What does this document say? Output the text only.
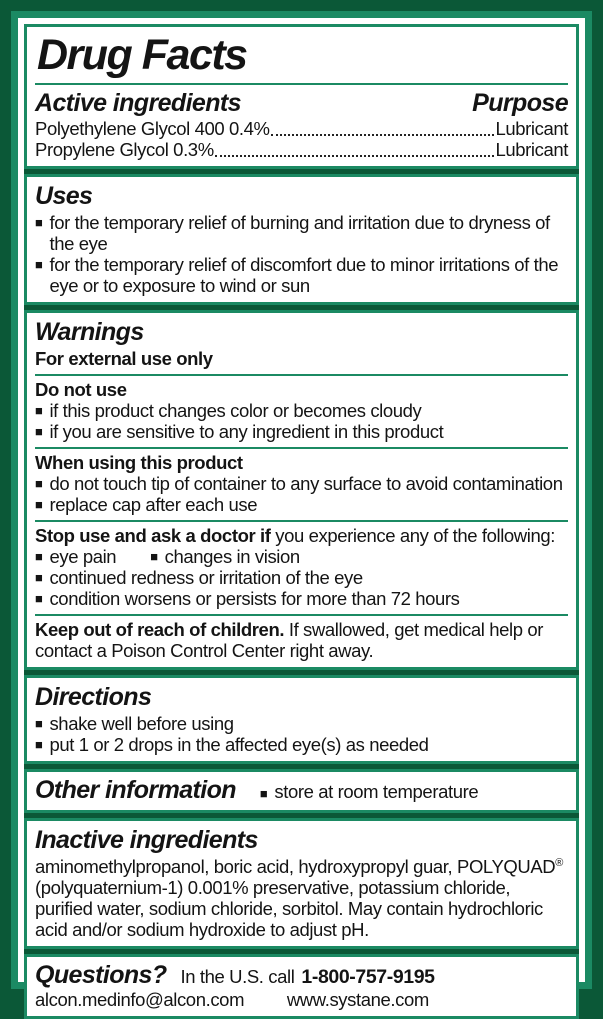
Drug Facts
Active ingredients	Purpose
Polyethylene Glycol 400 0.4%	Lubricant
Propylene Glycol 0.3%	Lubricant
Uses
■ for the temporary relief of burning and irritation due to dryness of the eye
■ for the temporary relief of discomfort due to minor irritations of the eye or to exposure to wind or sun
Warnings

For external use only

Do not use

■ if this product changes color or becomes cloudy
■ if you are sensitive to any ingredient in this product

When using this product

■ do not touch tip of container to any surface to avoid contamination
■ replace cap after each use

Stop use and ask a doctor if you experience any of the following:

■ eye pain	■ changes in vision
■ continued redness or irritation of the eye
■ condition worsens or persists for more than 72 hours

Keep out of reach of children. If swallowed, get medical help or contact a Poison Control Center right away.

Directions
■ shake well before using
■ put 1 or 2 drops in the affected eye(s) as needed
Other information ■ store at room temperature
Inactive ingredients

aminomethylpropanol, boric acid, hydroxypropyl guar, POLYQUAD® (polyquaternium-1) 0.001% preservative, potassium chloride, purified water, sodium chloride, sorbitol. May contain hydrochloric acid and/or sodium hydroxide to adjust pH.

Questions? In the U.S. call 1-800-757-9195
alcon.medinfo@alcon.com www.systane.com
